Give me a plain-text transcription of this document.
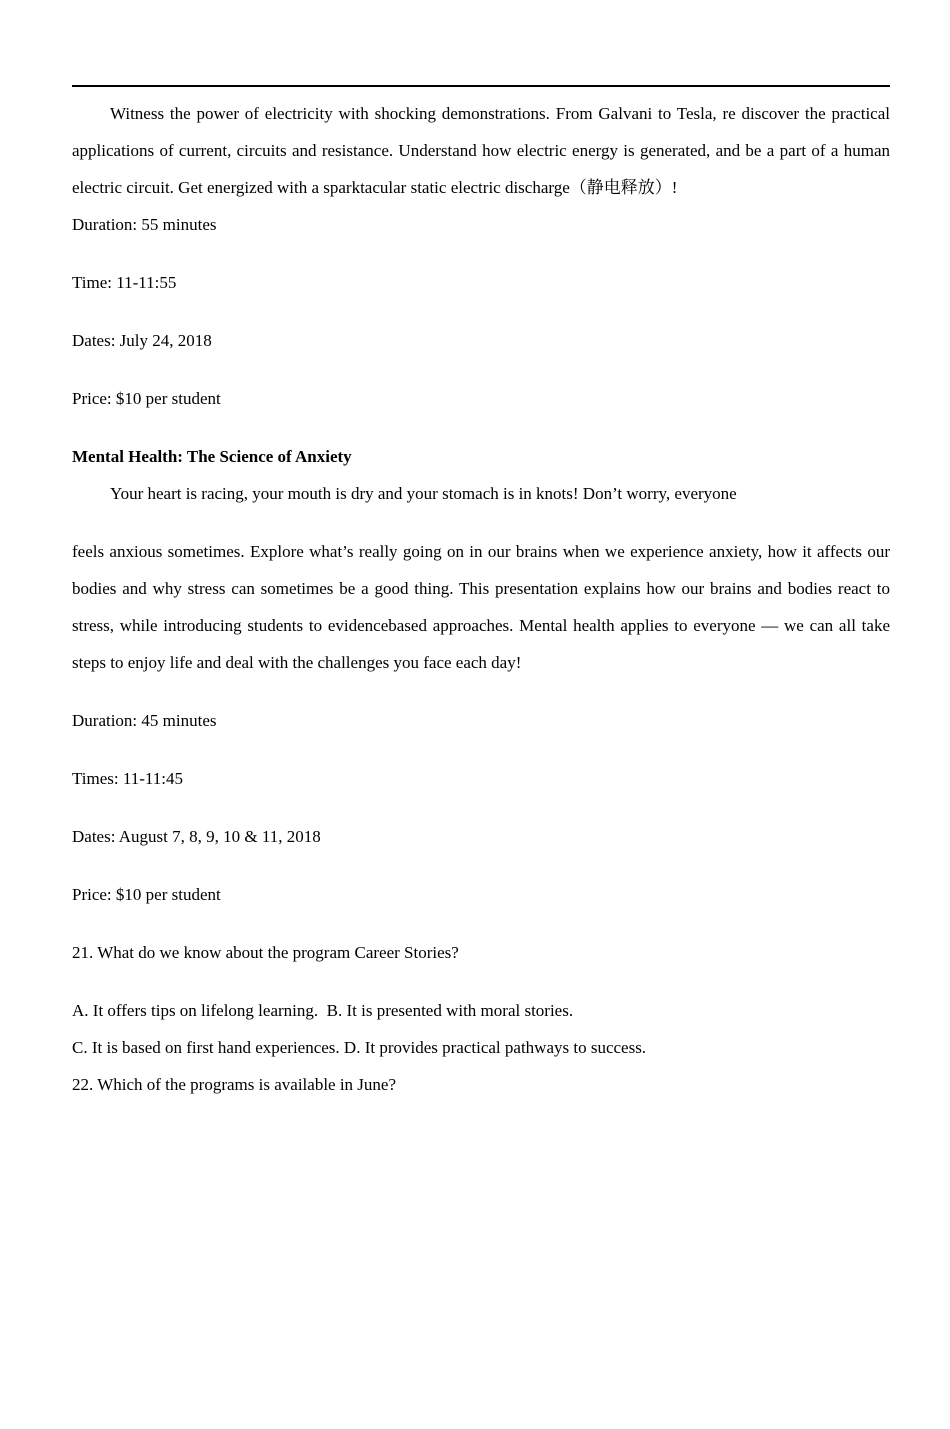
Witness the power of electricity with shocking demonstrations. From Galvani to Tesla, re discover the practical applications of current, circuits and resistance. Understand how electric energy is generated, and be a part of a human electric circuit. Get energized with a sparktacular static electric discharge（静电释放）!

Duration: 55 minutes

Time: 11-11:55

Dates: July 24, 2018

Price: $10 per student

Mental Health: The Science of Anxiety

Your heart is racing, your mouth is dry and your stomach is in knots! Don’t worry, everyone

feels anxious sometimes. Explore what’s really going on in our brains when we experience anxiety, how it affects our bodies and why stress can sometimes be a good thing. This presentation explains how our brains and bodies react to stress, while introducing students to evidencebased approaches. Mental health applies to everyone — we can all take steps to enjoy life and deal with the challenges you face each day!

Duration: 45 minutes

Times: 11-11:45

Dates: August 7, 8, 9, 10 & 11, 2018

Price: $10 per student

21. What do we know about the program Career Stories?

A. It offers tips on lifelong learning.  B. It is presented with moral stories.

C. It is based on first hand experiences. D. It provides practical pathways to success.

22. Which of the programs is available in June?
